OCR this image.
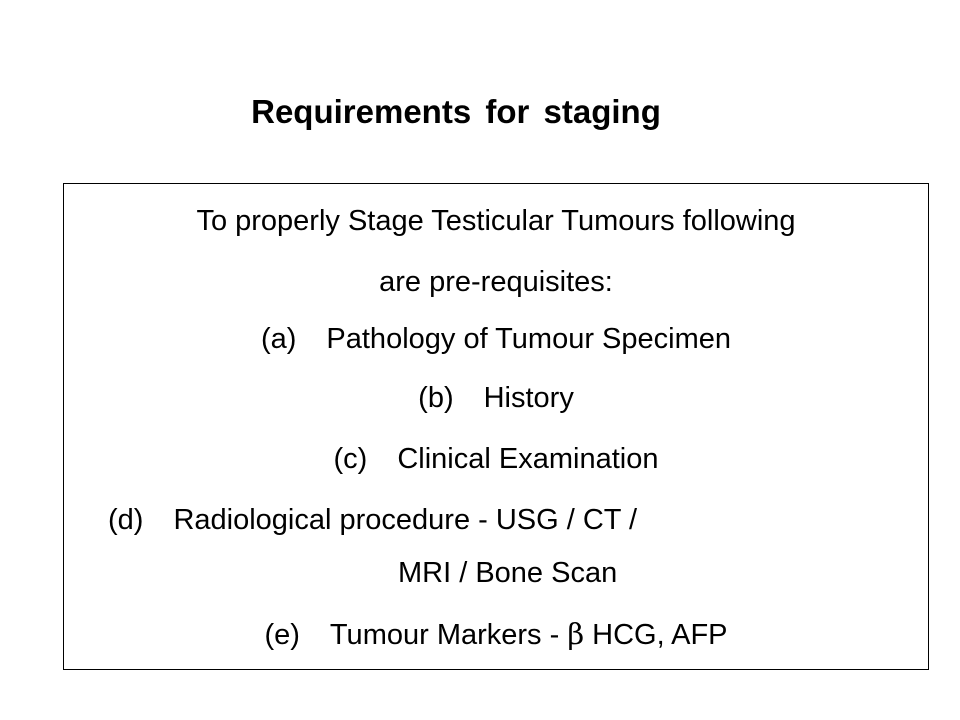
Requirements for staging
To properly Stage Testicular Tumours following
are pre-requisites:
(a) Pathology of Tumour Specimen
(b) History
(c) Clinical Examination
(d) Radiological procedure - USG / CT /
MRI / Bone Scan
(e) Tumour Markers - β HCG, AFP
